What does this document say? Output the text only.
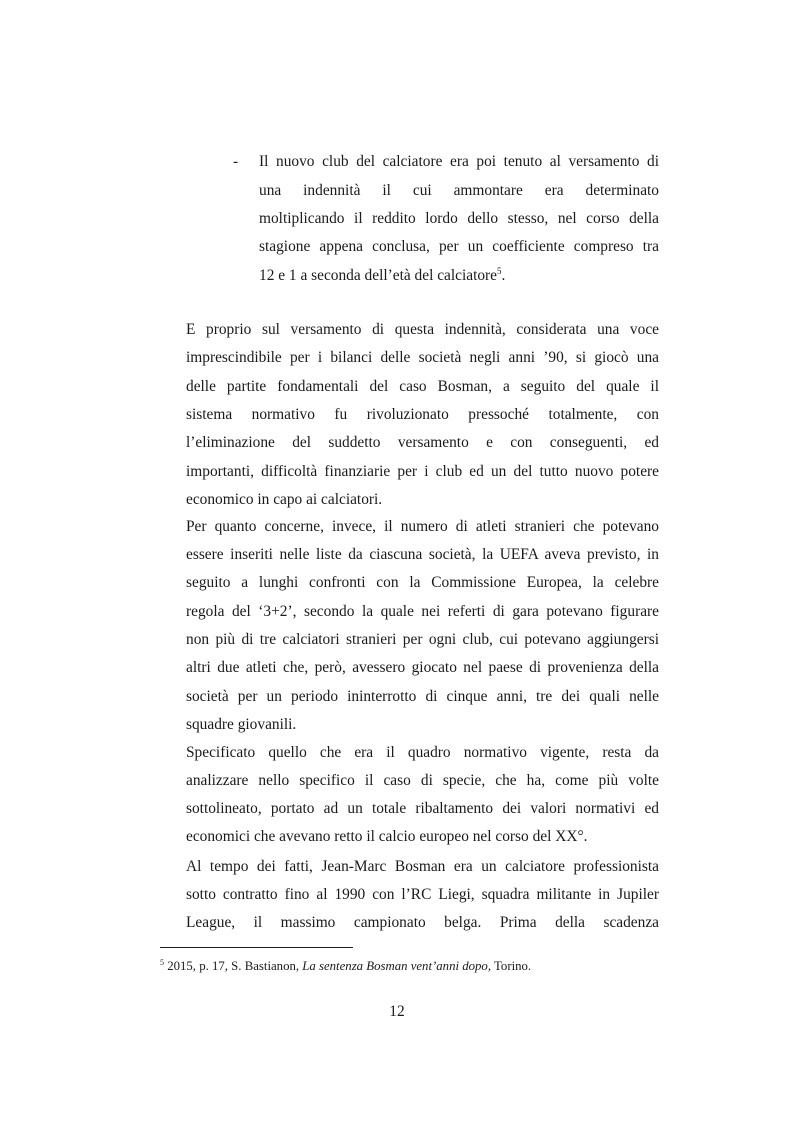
- Il nuovo club del calciatore era poi tenuto al versamento di
una indennità il cui ammontare era determinato
moltiplicando il reddito lordo dello stesso, nel corso della
stagione appena conclusa, per un coefficiente compreso tra
12 e 1 a seconda dell’età del calciatore$^5$.
E proprio sul versamento di questa indennità, considerata una voce
imprescindibile per i bilanci delle società negli anni ’90, si giocò una
delle partite fondamentali del caso Bosman, a seguito del quale il
sistema normativo fu rivoluzionato pressoché totalmente, con
l’eliminazione del suddetto versamento e con conseguenti, ed
importanti, difficoltà finanziarie per i club ed un del tutto nuovo potere
economico in capo ai calciatori.
Per quanto concerne, invece, il numero di atleti stranieri che potevano
essere inseriti nelle liste da ciascuna società, la UEFA aveva previsto, in
seguito a lunghi confronti con la Commissione Europea, la celebre
regola del ‘3+2’, secondo la quale nei referti di gara potevano figurare
non più di tre calciatori stranieri per ogni club, cui potevano aggiungersi
altri due atleti che, però, avessero giocato nel paese di provenienza della
società per un periodo ininterrotto di cinque anni, tre dei quali nelle
squadre giovanili.
Specificato quello che era il quadro normativo vigente, resta da
analizzare nello specifico il caso di specie, che ha, come più volte
sottolineato, portato ad un totale ribaltamento dei valori normativi ed
economici che avevano retto il calcio europeo nel corso del XX°.
Al tempo dei fatti, Jean-Marc Bosman era un calciatore professionista
sotto contratto fino al 1990 con l’RC Liegi, squadra militante in Jupiler
League, il massimo campionato belga. Prima della scadenza
$^5$ 2015, p. 17, S. Bastianon, La sentenza Bosman vent’anni dopo, Torino.
12
